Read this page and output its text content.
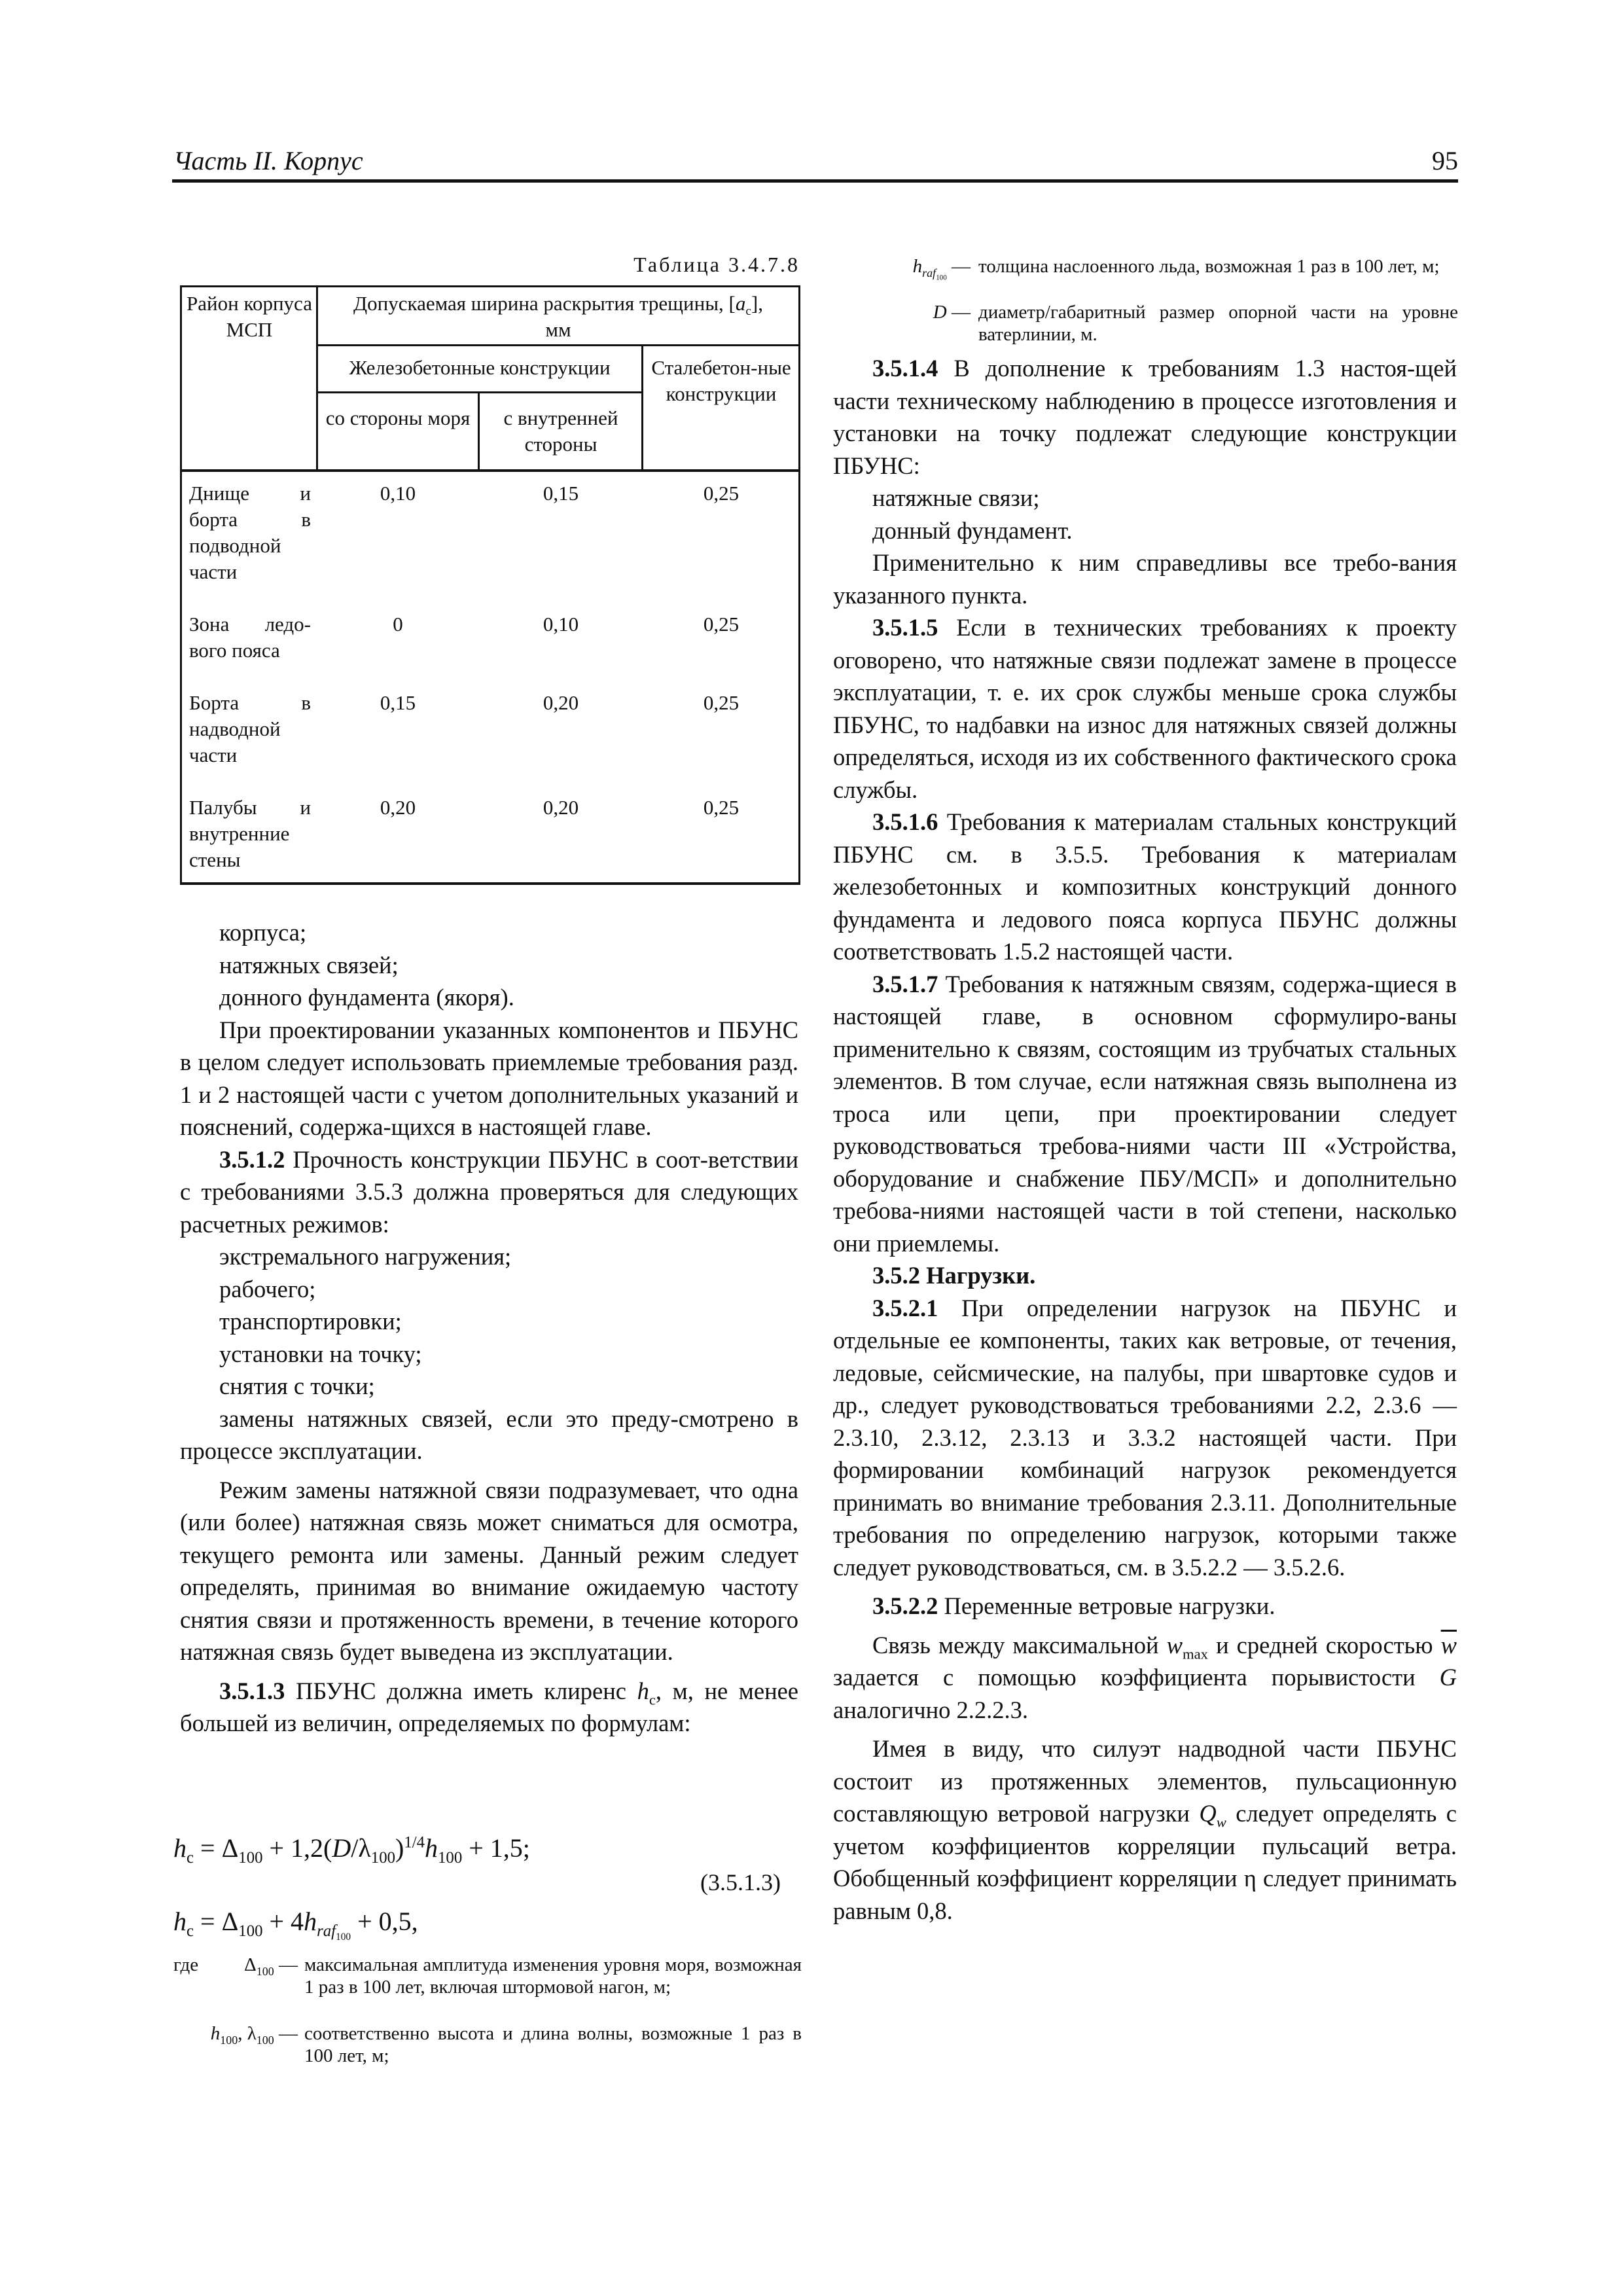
Часть II. Корпус	95
Таблица 3.4.7.8
Район корпуса МСП
Допускаемая ширина раскрытия трещины, $[a_c]$,
мм
Железобетонные конструкции	Сталебетон-ные конструкции
со стороны моря	с внутренней стороны
Днище и борта в подводной части
0,10	0,15	0,25
Зона ледо-вого пояса
0	0,10	0,25
Борта в надводной части
0,15	0,20	0,25
Палубы и внутренние стены
0,20	0,20	0,25

корпуса;

натяжных связей;

донного фундамента (якоря).

При проектировании указанных компонентов и ПБУНС в целом следует использовать приемлемые требования разд. 1 и 2 настоящей части с учетом дополнительных указаний и пояснений, содержа-щихся в настоящей главе.

3.5.1.2 Прочность конструкции ПБУНС в соот-ветствии с требованиями 3.5.3 должна проверяться для следующих расчетных режимов:

экстремального нагружения;

рабочего;

транспортировки;

установки на точку;

снятия с точки;

замены натяжных связей, если это преду-смотрено в процессе эксплуатации.

Режим замены натяжной связи подразумевает, что одна (или более) натяжная связь может сниматься для осмотра, текущего ремонта или замены. Данный режим следует определять, принимая во внимание ожидаемую частоту снятия связи и протяженность времени, в течение которого натяжная связь будет выведена из эксплуатации.

3.5.1.3 ПБУНС должна иметь клиренс $h_c$, м, не менее большей из величин, определяемых по формулам:

$h_c = \Delta_{100} + 1,2(D/\lambda_{100})^{1/4}h_{100} + 1,5$;
(3.5.1.3)
$h_c = \Delta_{100} + 4h_{raf_{100}} + 0,5$,
где	$\Delta_{100}$ — максимальная амплитуда изменения уровня моря, возможная 1 раз в 100 лет, включая штормовой нагон, м;
$h_{100}$, $\lambda_{100}$ — соответственно высота и длина волны, возможные 1 раз в 100 лет, м;
$h_{raf_{100}}$ — толщина наслоенного льда, возможная 1 раз в 100 лет, м;
D — диаметр/габаритный размер опорной части на уровне ватерлинии, м.

3.5.1.4 В дополнение к требованиям 1.3 настоя-щей части техническому наблюдению в процессе изготовления и установки на точку подлежат следующие конструкции ПБУНС:

натяжные связи;

донный фундамент.

Применительно к ним справедливы все требо-вания указанного пункта.

3.5.1.5 Если в технических требованиях к проекту оговорено, что натяжные связи подлежат замене в процессе эксплуатации, т. е. их срок службы меньше срока службы ПБУНС, то надбавки на износ для натяжных связей должны определяться, исходя из их собственного фактического срока службы.

3.5.1.6 Требования к материалам стальных конструкций ПБУНС см. в 3.5.5. Требования к материалам железобетонных и композитных конструкций донного фундамента и ледового пояса корпуса ПБУНС должны соответствовать 1.5.2 настоящей части.

3.5.1.7 Требования к натяжным связям, содержа-щиеся в настоящей главе, в основном сформулиро-ваны применительно к связям, состоящим из трубчатых стальных элементов. В том случае, если натяжная связь выполнена из троса или цепи, при проектировании следует руководствоваться требова-ниями части III «Устройства, оборудование и снабжение ПБУ/МСП» и дополнительно требова-ниями настоящей части в той степени, насколько они приемлемы.

3.5.2 Нагрузки.

3.5.2.1 При определении нагрузок на ПБУНС и отдельные ее компоненты, таких как ветровые, от течения, ледовые, сейсмические, на палубы, при швартовке судов и др., следует руководствоваться требованиями 2.2, 2.3.6 — 2.3.10, 2.3.12, 2.3.13 и 3.3.2 настоящей части. При формировании комбинаций нагрузок рекомендуется принимать во внимание требования 2.3.11. Дополнительные требования по определению нагрузок, которыми также следует руководствоваться, см. в 3.5.2.2 — 3.5.2.6.

3.5.2.2 Переменные ветровые нагрузки.

Связь между максимальной $w_{max}$ и средней скоростью $\overline{w}$ задается с помощью коэффициента порывистости G аналогично 2.2.2.3.

Имея в виду, что силуэт надводной части ПБУНС состоит из протяженных элементов, пульсационную составляющую ветровой нагрузки $Q_w$ следует определять с учетом коэффициентов корреляции пульсаций ветра. Обобщенный коэффициент корреляции η следует принимать равным 0,8.
